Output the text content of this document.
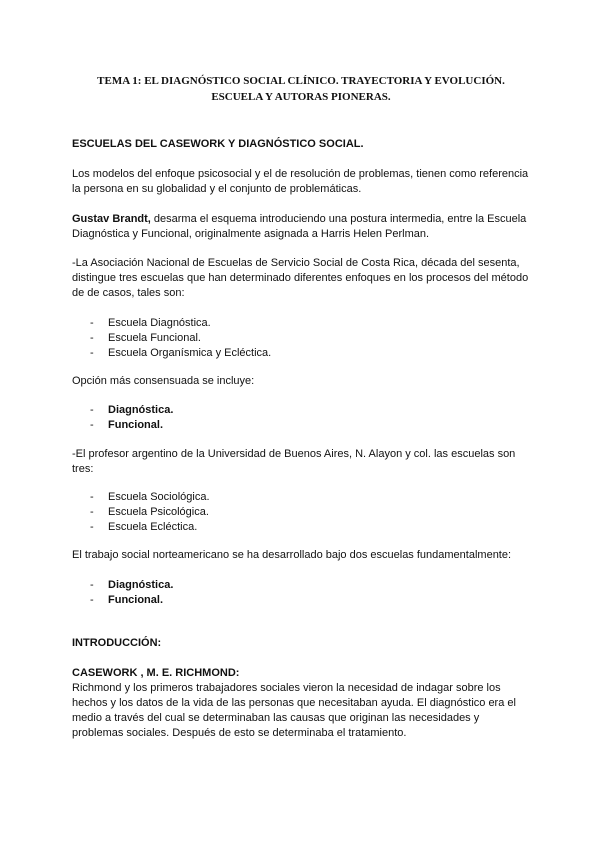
TEMA 1: EL DIAGNÓSTICO SOCIAL CLÍNICO. TRAYECTORIA Y EVOLUCIÓN. ESCUELA Y AUTORAS PIONERAS.
ESCUELAS DEL CASEWORK Y DIAGNÓSTICO SOCIAL.
Los modelos del enfoque psicosocial y el de resolución de problemas, tienen como referencia la persona en su globalidad y el conjunto de problemáticas.
Gustav Brandt, desarma el esquema introduciendo una postura intermedia, entre la Escuela Diagnóstica y Funcional, originalmente asignada a Harris Helen Perlman.
-La Asociación Nacional de Escuelas de Servicio Social de Costa Rica, década del sesenta, distingue tres escuelas que han determinado diferentes enfoques en los procesos del método de de casos, tales son:
- Escuela Diagnóstica.
- Escuela Funcional.
- Escuela Organísmica y Ecléctica.
Opción más consensuada se incluye:
- Diagnóstica.
- Funcional.
-El profesor argentino de la Universidad de Buenos Aires, N. Alayon y col. las escuelas son tres:
- Escuela Sociológica.
- Escuela Psicológica.
- Escuela Ecléctica.
El trabajo social norteamericano se ha desarrollado bajo dos escuelas fundamentalmente:
- Diagnóstica.
- Funcional.
INTRODUCCIÓN:
CASEWORK , M. E. RICHMOND:
Richmond y los primeros trabajadores sociales vieron la necesidad de indagar sobre los hechos y los datos de la vida de las personas que necesitaban ayuda. El diagnóstico era el medio a través del cual se determinaban las causas que originan las necesidades y problemas sociales. Después de esto se determinaba el tratamiento.
